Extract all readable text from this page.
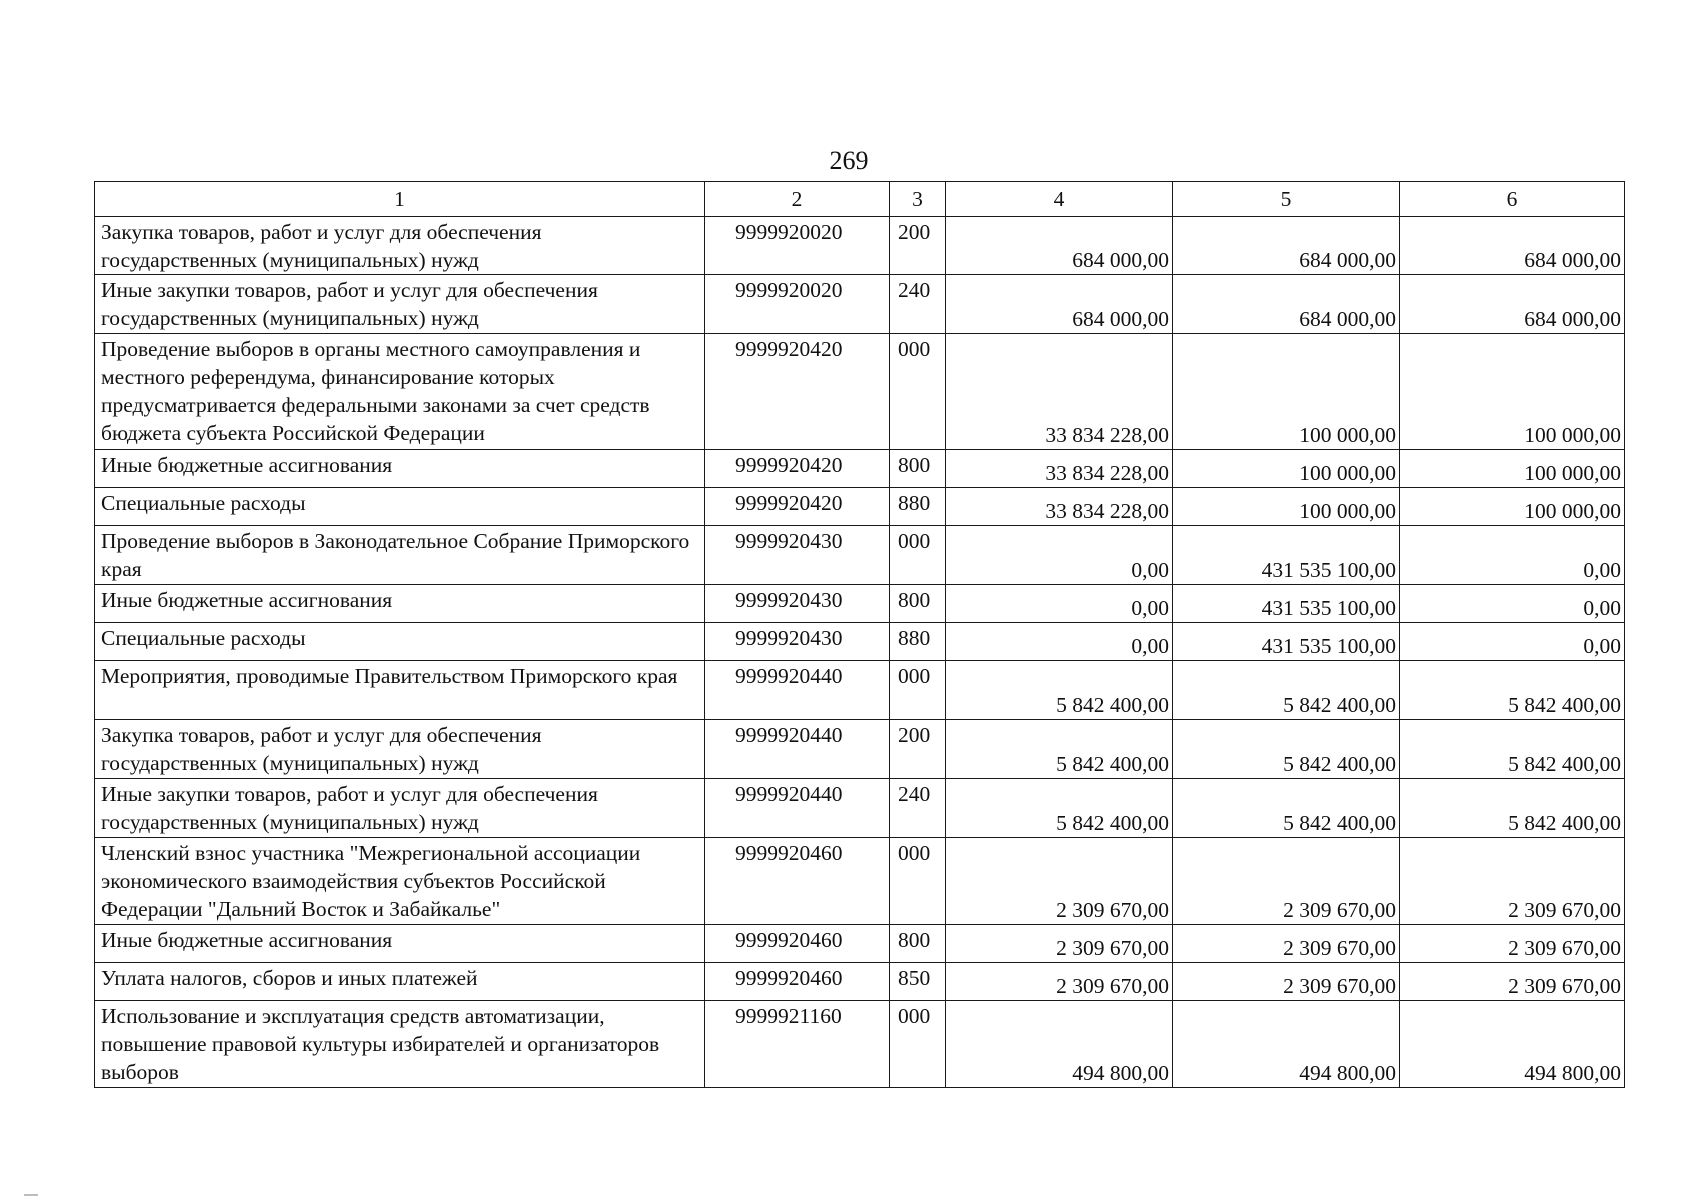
269
1	2	3	4	5	6
Закупка товаров, работ и услуг для обеспечения государственных (муниципальных) нужд	9999920020	200	684 000,00	684 000,00	684 000,00
Иные закупки товаров, работ и услуг для обеспечения государственных (муниципальных) нужд	9999920020	240	684 000,00	684 000,00	684 000,00
Проведение выборов в органы местного самоуправления и местного референдума, финансирование которых предусматривается федеральными законами за счет средств бюджета субъекта Российской Федерации	9999920420	000	33 834 228,00	100 000,00	100 000,00
Иные бюджетные ассигнования	9999920420	800	33 834 228,00	100 000,00	100 000,00
Специальные расходы	9999920420	880	33 834 228,00	100 000,00	100 000,00
Проведение выборов в Законодательное Собрание Приморского края	9999920430	000	0,00	431 535 100,00	0,00
Иные бюджетные ассигнования	9999920430	800	0,00	431 535 100,00	0,00
Специальные расходы	9999920430	880	0,00	431 535 100,00	0,00
Мероприятия, проводимые Правительством Приморского края	9999920440	000	5 842 400,00	5 842 400,00	5 842 400,00
Закупка товаров, работ и услуг для обеспечения государственных (муниципальных) нужд	9999920440	200	5 842 400,00	5 842 400,00	5 842 400,00
Иные закупки товаров, работ и услуг для обеспечения государственных (муниципальных) нужд	9999920440	240	5 842 400,00	5 842 400,00	5 842 400,00
Членский взнос участника "Межрегиональной ассоциации экономического взаимодействия субъектов Российской Федерации "Дальний Восток и Забайкалье"	9999920460	000	2 309 670,00	2 309 670,00	2 309 670,00
Иные бюджетные ассигнования	9999920460	800	2 309 670,00	2 309 670,00	2 309 670,00
Уплата налогов, сборов и иных платежей	9999920460	850	2 309 670,00	2 309 670,00	2 309 670,00
Использование и эксплуатация средств автоматизации, повышение правовой культуры избирателей и организаторов выборов	9999921160	000	494 800,00	494 800,00	494 800,00
